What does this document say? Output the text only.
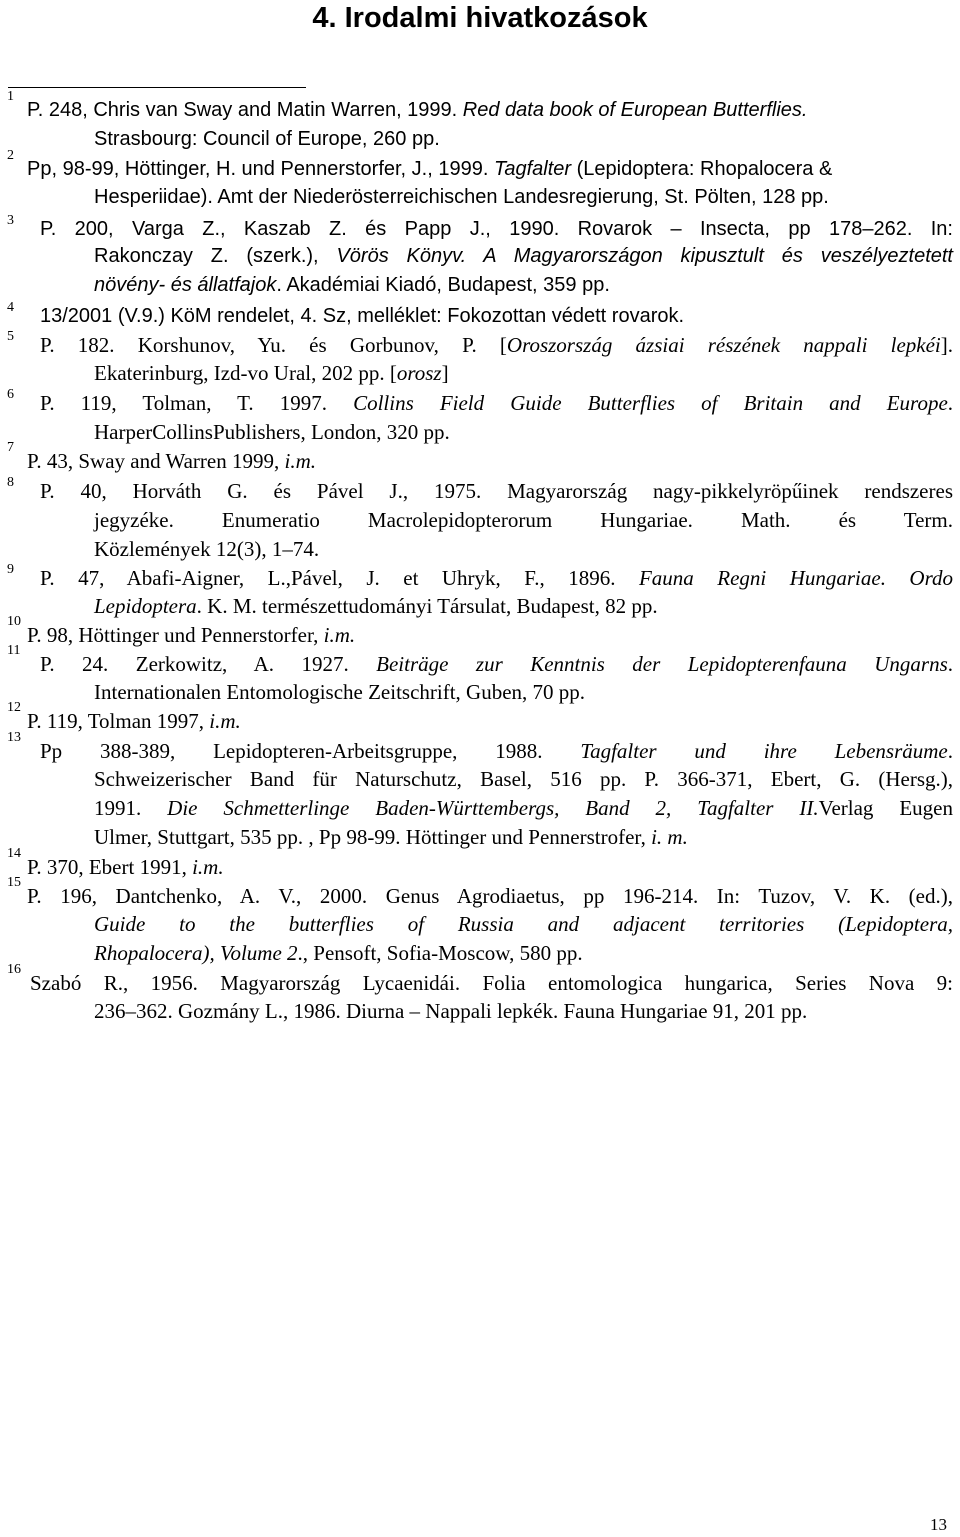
4. Irodalmi hivatkozások
1
P. 248, Chris van Sway and Matin Warren, 1999. Red data book of European Butterflies.
Strasbourg: Council of Europe, 260 pp.
2
Pp, 98-99, Höttinger, H. und Pennerstorfer, J., 1999. Tagfalter (Lepidoptera: Rhopalocera &
Hesperiidae). Amt der Niederösterreichischen Landesregierung, St. Pölten, 128 pp.
3 P. 200, Varga Z., Kaszab Z. és Papp J., 1990. Rovarok – Insecta, pp 178–262. In:
Rakonczay Z. (szerk.), Vörös Könyv. A Magyarországon kipusztult és veszélyeztetett
növény- és állatfajok. Akadémiai Kiadó, Budapest, 359 pp.
4 13/2001 (V.9.) KöM rendelet, 4. Sz, melléklet: Fokozottan védett rovarok.
5 P. 182. Korshunov, Yu. és Gorbunov, P. [Oroszország ázsiai részének nappali lepkéi].
Ekaterinburg, Izd-vo Ural, 202 pp. [orosz]
6 P. 119, Tolman, T. 1997. Collins Field Guide Butterflies of Britain and Europe.
HarperCollinsPublishers, London, 320 pp.
7
P. 43, Sway and Warren 1999, i.m.
8 P. 40, Horváth G. és Pável J., 1975. Magyarország nagy-pikkelyröpűinek rendszeres
jegyzéke. Enumeratio Macrolepidopterorum Hungariae. Math. és Term.
Közlemények 12(3), 1–74.
9 P. 47, Abafi-Aigner, L.,Pável, J. et Uhryk, F., 1896. Fauna Regni Hungariae. Ordo
Lepidoptera. K. M. természettudományi Társulat, Budapest, 82 pp.
10
P. 98, Höttinger und Pennerstorfer, i.m.
11
P. 24. Zerkowitz, A. 1927. Beiträge zur Kenntnis der Lepidopterenfauna Ungarns.
Internationalen Entomologische Zeitschrift, Guben, 70 pp.
12
P. 119, Tolman 1997, i.m.
13
Pp 388-389, Lepidopteren-Arbeitsgruppe, 1988. Tagfalter und ihre Lebensräume.
Schweizerischer Band für Naturschutz, Basel, 516 pp. P. 366-371, Ebert, G. (Hersg.),
1991. Die Schmetterlinge Baden-Württembergs, Band 2, Tagfalter II.Verlag Eugen
Ulmer, Stuttgart, 535 pp. , Pp 98-99. Höttinger und Pennerstrofer, i. m.
14
P. 370, Ebert 1991, i.m.
15
P. 196, Dantchenko, A. V., 2000. Genus Agrodiaetus, pp 196-214. In: Tuzov, V. K. (ed.),
Guide to the butterflies of Russia and adjacent territories (Lepidoptera,
Rhopalocera), Volume 2., Pensoft, Sofia-Moscow, 580 pp.
16
Szabó R., 1956. Magyarország Lycaenidái. Folia entomologica hungarica, Series Nova 9:
236–362. Gozmány L., 1986. Diurna – Nappali lepkék. Fauna Hungariae 91, 201 pp.
13
